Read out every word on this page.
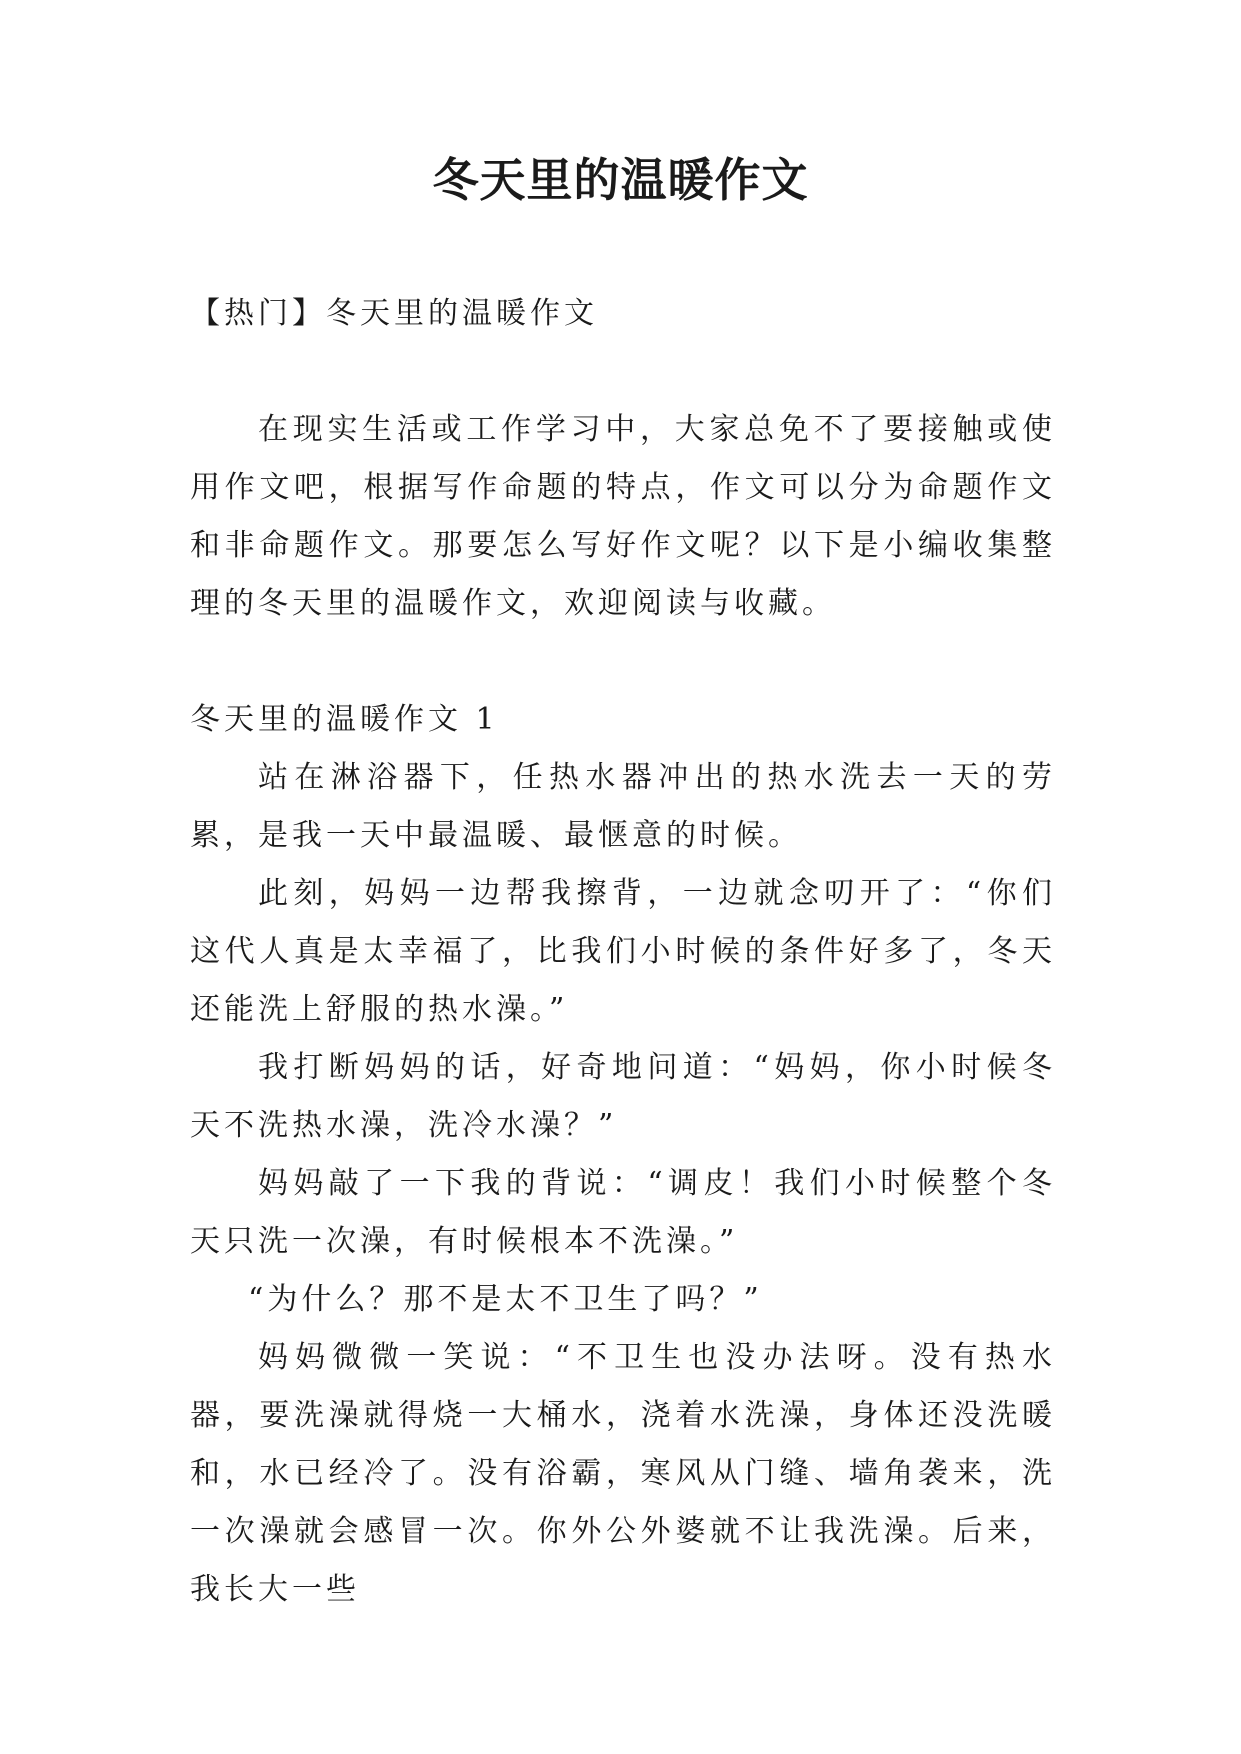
冬天里的温暖作文

【热门】冬天里的温暖作文

在现实生活或工作学习中，大家总免不了要接触或使用作文吧，根据写作命题的特点，作文可以分为命题作文和非命题作文。那要怎么写好作文呢？以下是小编收集整理的冬天里的温暖作文，欢迎阅读与收藏。

冬天里的温暖作文 1

站在淋浴器下，任热水器冲出的热水洗去一天的劳累，是我一天中最温暖、最惬意的时候。

此刻，妈妈一边帮我擦背，一边就念叨开了：“你们这代人真是太幸福了，比我们小时候的条件好多了，冬天还能洗上舒服的热水澡。”

我打断妈妈的话，好奇地问道：“妈妈，你小时候冬天不洗热水澡，洗冷水澡？”

妈妈敲了一下我的背说：“调皮！我们小时候整个冬天只洗一次澡，有时候根本不洗澡。”

“为什么？那不是太不卫生了吗？”

妈妈微微一笑说：“不卫生也没办法呀。没有热水器，要洗澡就得烧一大桶水，浇着水洗澡，身体还没洗暖和，水已经冷了。没有浴霸，寒风从门缝、墙角袭来，洗一次澡就会感冒一次。你外公外婆就不让我洗澡。后来，我长大一些
